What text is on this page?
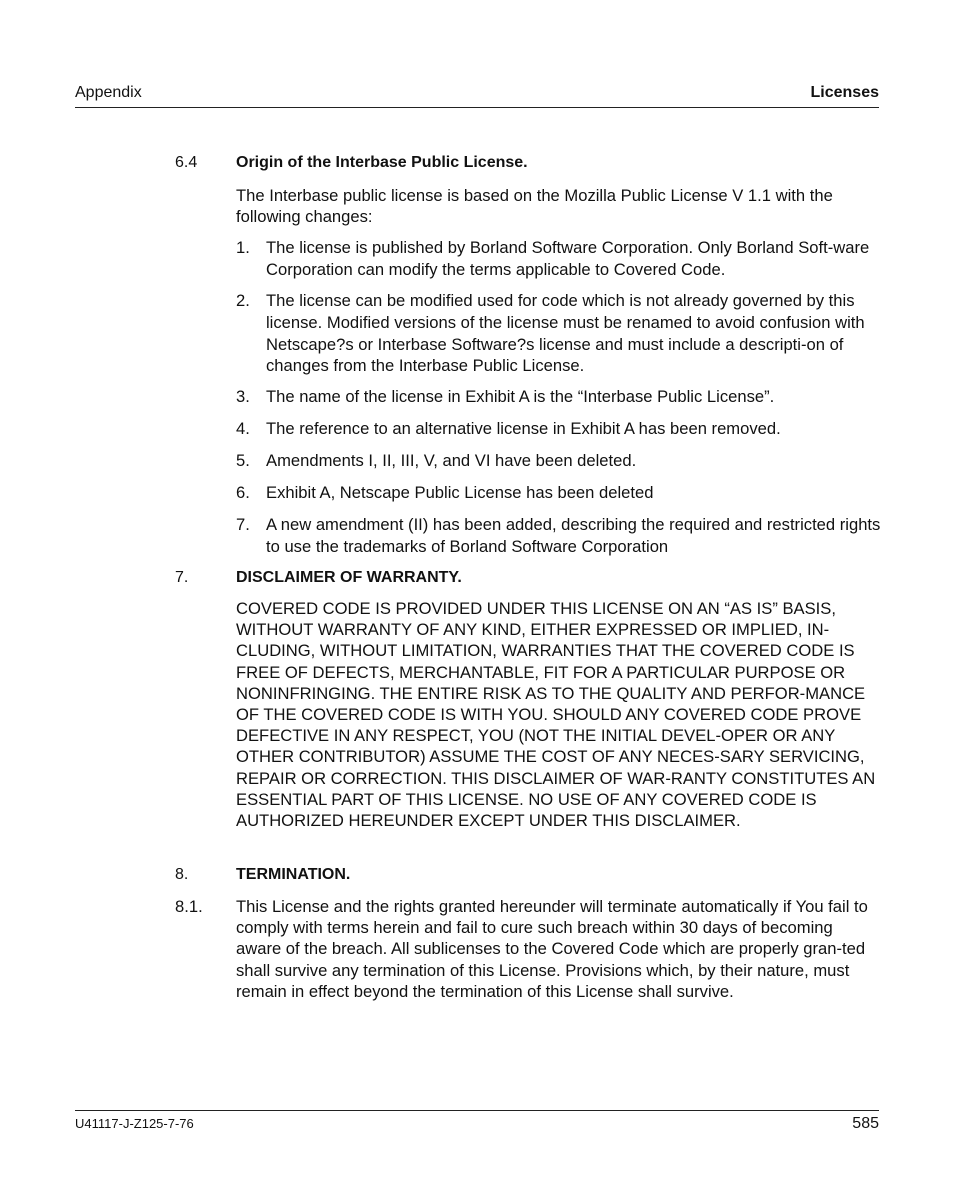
Appendix	Licenses
6.4 Origin of the Interbase Public License.
The Interbase public license is based on the Mozilla Public License V 1.1 with the following changes:
1. The license is published by Borland Software Corporation. Only Borland Soft-ware Corporation can modify the terms applicable to Covered Code.
2. The license can be modified used for code which is not already governed by this license. Modified versions of the license must be renamed to avoid confusion with Netscape?s or Interbase Software?s license and must include a descripti-on of changes from the Interbase Public License.
3. The name of the license in Exhibit A is the “Interbase Public License”.
4. The reference to an alternative license in Exhibit A has been removed.
5. Amendments I, II, III, V, and VI have been deleted.
6. Exhibit A, Netscape Public License has been deleted
7. A new amendment (II) has been added, describing the required and restricted rights to use the trademarks of Borland Software Corporation
7.	DISCLAIMER OF WARRANTY.
COVERED CODE IS PROVIDED UNDER THIS LICENSE ON AN “AS IS” BASIS, WITHOUT WARRANTY OF ANY KIND, EITHER EXPRESSED OR IMPLIED, IN-CLUDING, WITHOUT LIMITATION, WARRANTIES THAT THE COVERED CODE IS FREE OF DEFECTS, MERCHANTABLE, FIT FOR A PARTICULAR PURPOSE OR NONINFRINGING. THE ENTIRE RISK AS TO THE QUALITY AND PERFOR-MANCE OF THE COVERED CODE IS WITH YOU. SHOULD ANY COVERED CODE PROVE DEFECTIVE IN ANY RESPECT, YOU (NOT THE INITIAL DEVEL-OPER OR ANY OTHER CONTRIBUTOR) ASSUME THE COST OF ANY NECES-SARY SERVICING, REPAIR OR CORRECTION. THIS DISCLAIMER OF WAR-RANTY CONSTITUTES AN ESSENTIAL PART OF THIS LICENSE. NO USE OF ANY COVERED CODE IS AUTHORIZED HEREUNDER EXCEPT UNDER THIS DISCLAIMER.
8.	TERMINATION.
8.1. This License and the rights granted hereunder will terminate automatically if You fail to comply with terms herein and fail to cure such breach within 30 days of becoming aware of the breach. All sublicenses to the Covered Code which are properly gran-ted shall survive any termination of this License. Provisions which, by their nature, must remain in effect beyond the termination of this License shall survive.
U41117-J-Z125-7-76	585
